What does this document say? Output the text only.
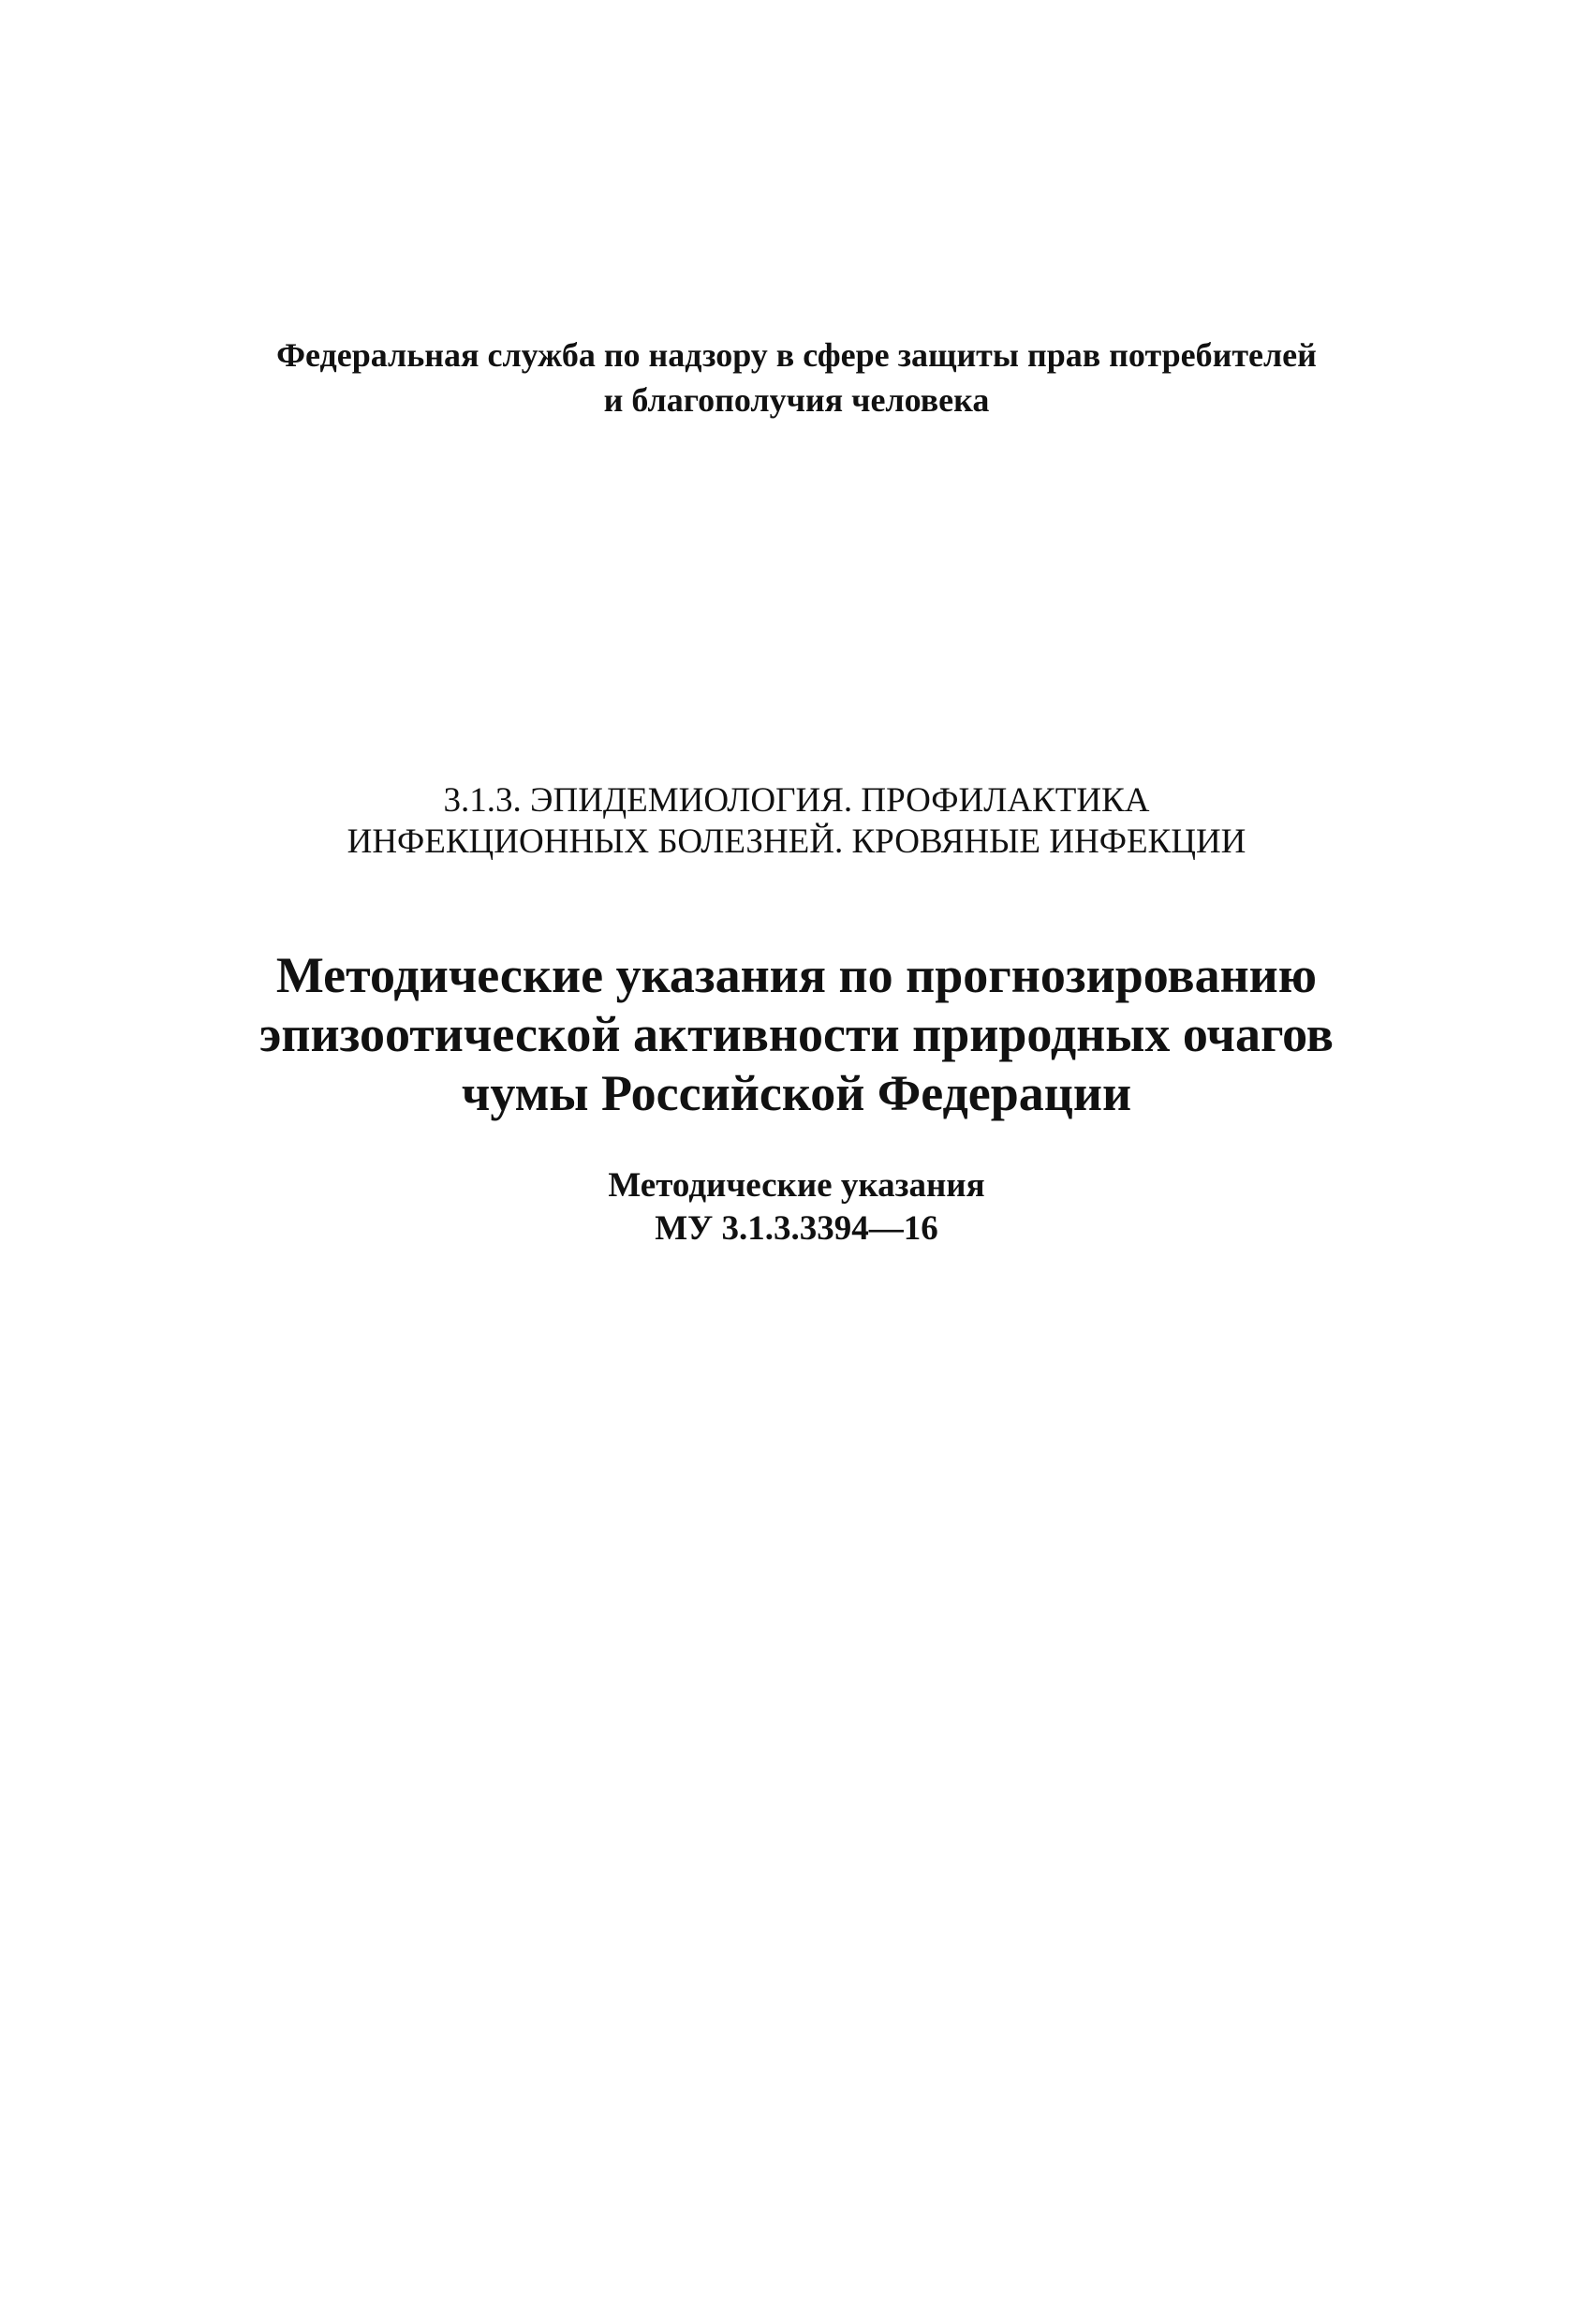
Федеральная служба по надзору в сфере защиты прав потребителей
и благополучия человека
3.1.3. ЭПИДЕМИОЛОГИЯ. ПРОФИЛАКТИКА
ИНФЕКЦИОННЫХ БОЛЕЗНЕЙ. КРОВЯНЫЕ ИНФЕКЦИИ
Методические указания по прогнозированию
эпизоотической активности природных очагов
чумы Российской Федерации
Методические указания
МУ 3.1.3.3394—16
